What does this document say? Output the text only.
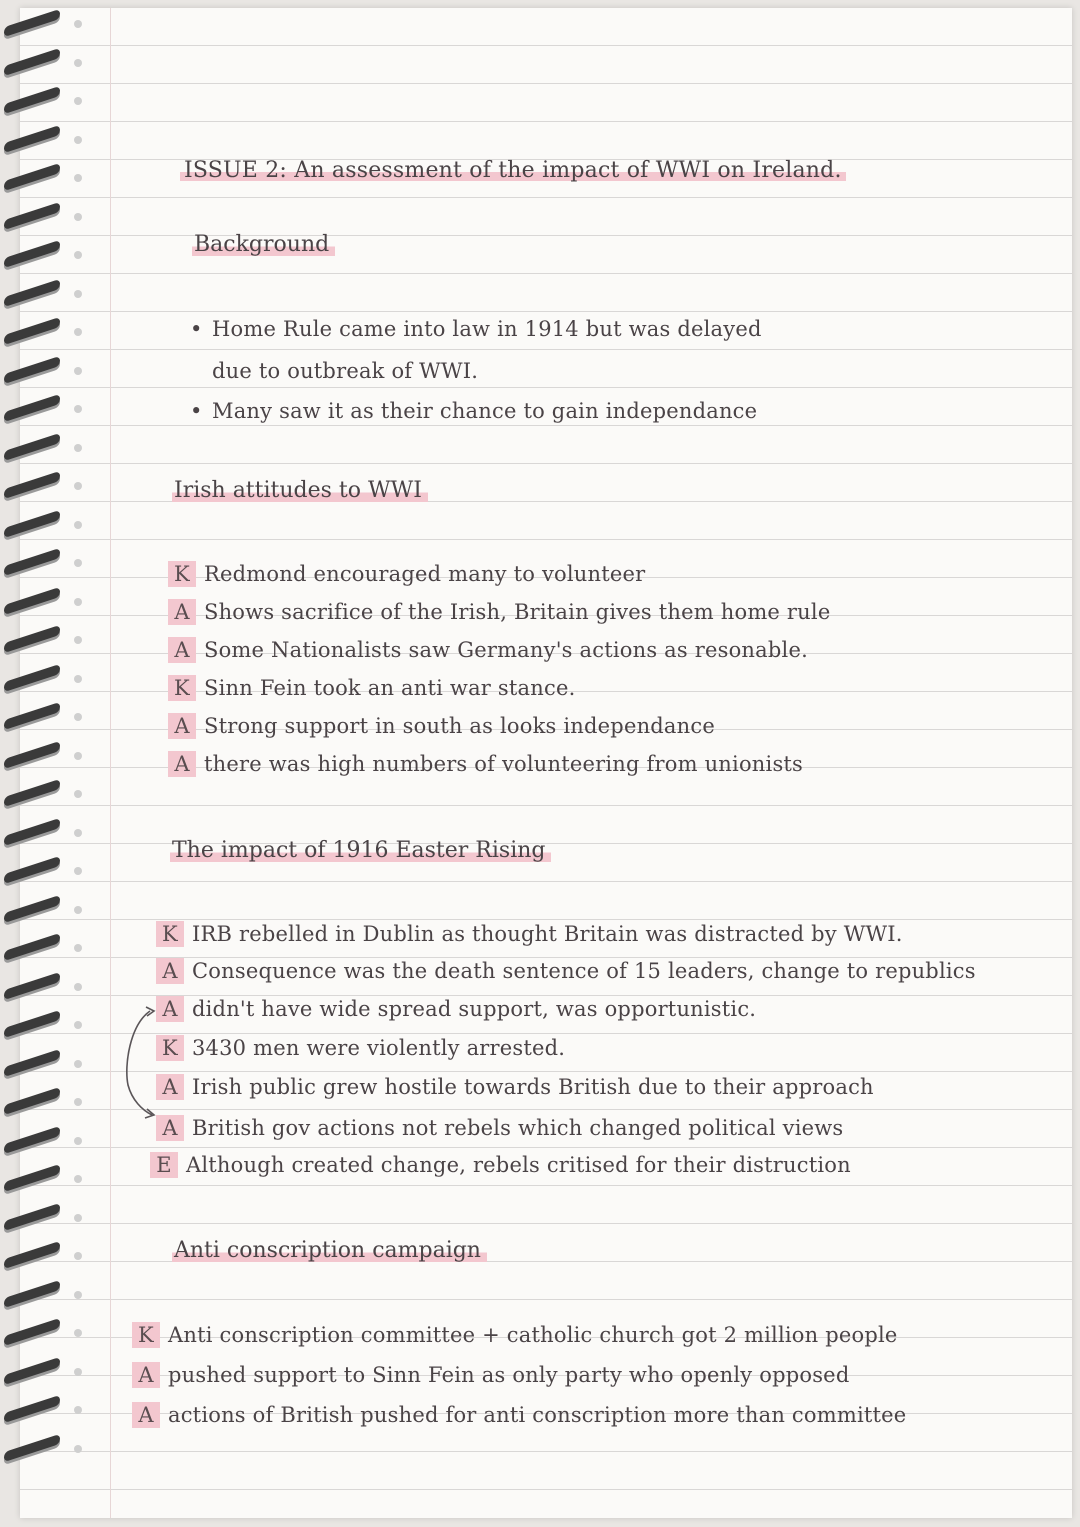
ISSUE 2: An assessment of the impact of WWI on Ireland.
Background
• Home Rule came into law in 1914 but was delayed
due to outbreak of WWI.
• Many saw it as their chance to gain independance
Irish attitudes to WWI
K Redmond encouraged many to volunteer
A Shows sacrifice of the Irish, Britain gives them home rule
A Some Nationalists saw Germany's actions as resonable.
K Sinn Fein took an anti war stance.
A Strong support in south as looks independance
A there was high numbers of volunteering from unionists
The impact of 1916 Easter Rising
K IRB rebelled in Dublin as thought Britain was distracted by WWI.
A Consequence was the death sentence of 15 leaders, change to republics
A didn't have wide spread support, was opportunistic.
K 3430 men were violently arrested.
A Irish public grew hostile towards British due to their approach
A British gov actions not rebels which changed political views
E Although created change, rebels critised for their distruction
Anti conscription campaign
K Anti conscription committee + catholic church got 2 million people
A pushed support to Sinn Fein as only party who openly opposed
A actions of British pushed for anti conscription more than committee
